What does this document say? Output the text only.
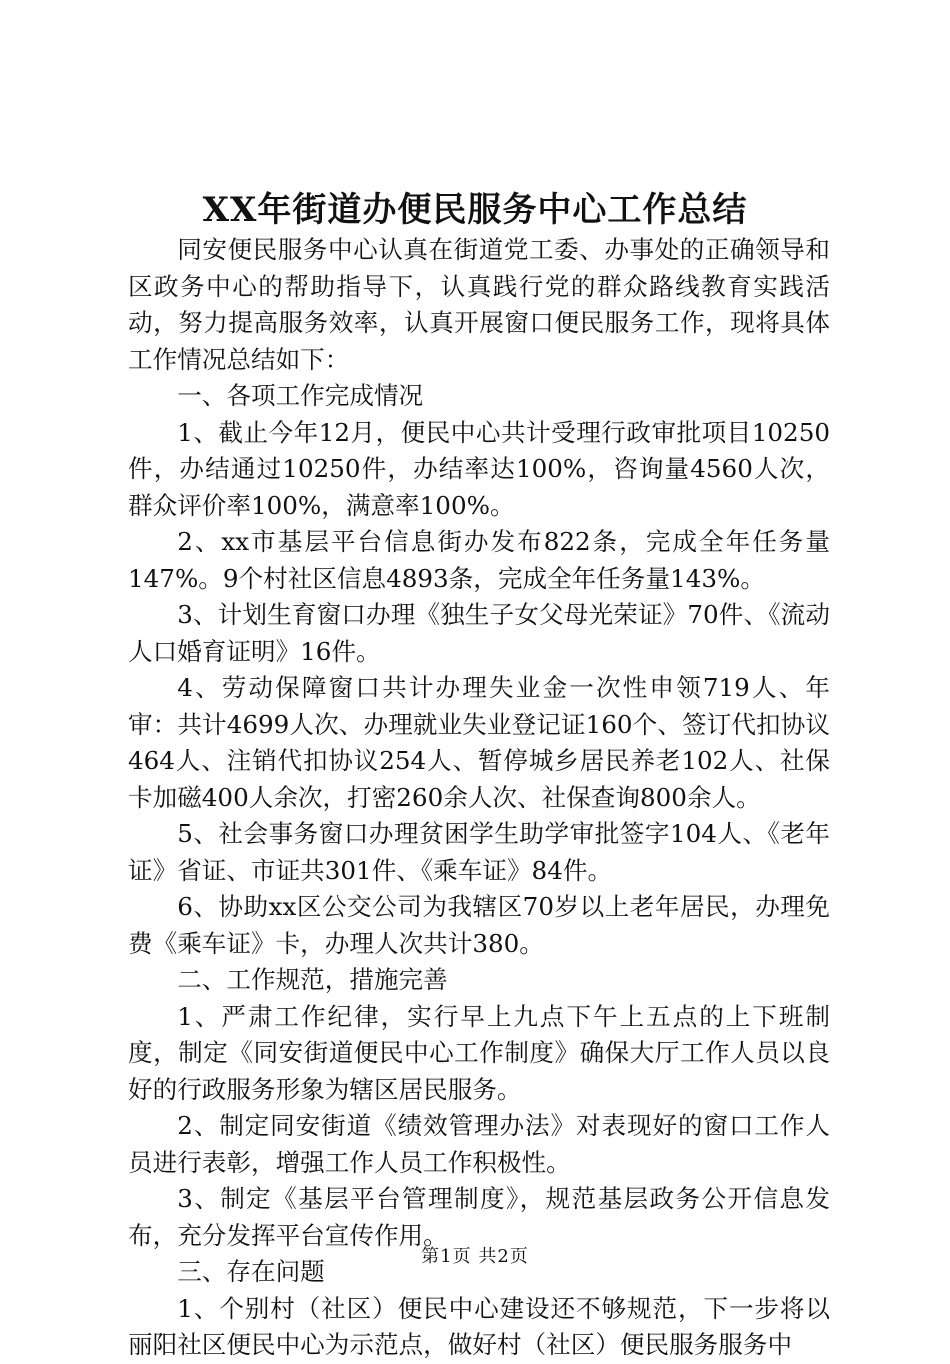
XX年街道办便民服务中心工作总结

同安便民服务中心认真在街道党工委、办事处的正确领导和区政务中心的帮助指导下，认真践行党的群众路线教育实践活动，努力提高服务效率，认真开展窗口便民服务工作，现将具体工作情况总结如下：

一、各项工作完成情况

1、截止今年12月，便民中心共计受理行政审批项目10250件，办结通过10250件，办结率达100%，咨询量4560人次，群众评价率100%，满意率100%。

2、xx市基层平台信息街办发布822条，完成全年任务量147%。9个村社区信息4893条，完成全年任务量143%。

3、计划生育窗口办理《独生子女父母光荣证》70件、《流动人口婚育证明》16件。

4、劳动保障窗口共计办理失业金一次性申领719人、年审：共计4699人次、办理就业失业登记证160个、签订代扣协议464人、注销代扣协议254人、暂停城乡居民养老102人、社保卡加磁400人余次，打密260余人次、社保查询800余人。

5、社会事务窗口办理贫困学生助学审批签字104人、《老年证》省证、市证共301件、《乘车证》84件。

6、协助xx区公交公司为我辖区70岁以上老年居民，办理免费《乘车证》卡，办理人次共计380。

二、工作规范，措施完善

1、严肃工作纪律，实行早上九点下午上五点的上下班制度，制定《同安街道便民中心工作制度》确保大厅工作人员以良好的行政服务形象为辖区居民服务。

2、制定同安街道《绩效管理办法》对表现好的窗口工作人员进行表彰，增强工作人员工作积极性。

3、制定《基层平台管理制度》，规范基层政务公开信息发布，充分发挥平台宣传作用。

三、存在问题

1、个别村（社区）便民中心建设还不够规范，下一步将以丽阳社区便民中心为示范点，做好村（社区）便民服务服务中

第1页 共2页
